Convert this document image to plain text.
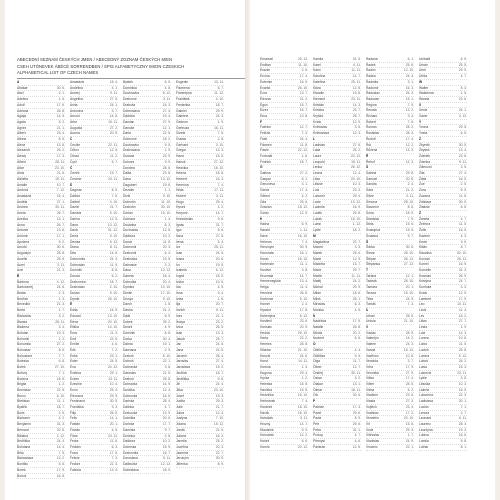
ABECEDNÍ SEZNAM ČESKÝCH JMEN / ABECEDNÝ ZOZNAM ČESKÝCH MIEN
CSEH UTÓNEVEK ÁBÉCÉ SORRENDBEN / SPIS ALFABETYCZNY IMION CZESKICH
ALPHABETICAL LIST OF CZECH NAMES
A
Abakør	30. 6.
Abel	2. 1.
Adelina	1. 6.
Adolf	17. 6.
Adriana	26. 8.
Aglaja	14. 5.
Agáta	5. 2.
Agnes	21. 1.
Albert	23. 4.
Albína	8. 5.
Alena	13. 8.
Alexandr	26. 2.
Alexej	17. 3.
Alfréd	28. 11.
Alice	23. 10.
Alois	21. 6.
Alžběta	19. 11.
Amálie	10. 7.
Ambrož	7. 12.
Anastázie	15. 4.
Anděla	27. 1.
Andrea	30. 11.
Aneta	26. 7.
Anežka	13. 1.
Anna	26. 7.
Antonie	13. 6.
Antonín	17. 1.
Apolena	9. 2.
Arnošt	30. 6.
Augustýn	28. 8.
Aurelie	25. 9.
Aurel	3. 11.
Axel	21. 3.
B
Barbora	4. 12.
Bartoloměj	24. 8.
Beáta	2. 3.
Bedřich	1. 3.
Benedikt	21. 3.
Berta	1. 7.
Blahoslav	3. 2.
Blanka	28. 11.
Blažena	3. 4.
Bohdan	19. 3.
Bohumil	1. 2.
Bohumila	27. 2.
Bohuslav	8. 6.
Bohuslava	7. 7.
Boleslav	6. 8.
Bořek	27. 10.
Bořivoj	7. 1.
Božena	18. 5.
Brigita	1. 2.
Bronislav	22. 6.
Bruno	6. 10.
Břetislav	11. 1.
Bystřík	18. 7.
Boris	2. 5.
Blahomír	4. 2.
Benjamín	31. 3.
Bernard	20. 8.
Bibiána	2. 12.
Bedřiška	24. 4.
Bohdana	14. 4.
Běla	7. 5.
Blahoslava	12. 2.
Bonifác	5. 6.
Borek	17. 9.
Bohuš	16. 8.
Anastázie	15. 4.
Andělina	4. 1.
Andrej	9. 11.
Angelika	27. 5.
Anita	24. 1.
Antonína	3. 7.
Arnold	14. 8.
Artur	15. 11.
Augusta	27. 2.
Aurora	20. 5.
C
Cecílie	22. 11.
Ctibor	12. 5.
Ctirad	11. 2.
Cyril	5. 7.
Č
Čeněk	19. 7.
Čestmír	24. 11.
D
Dagmar	8. 5.
Dalibor	7. 6.
Dalimil	4. 10.
Daniel	21. 7.
Daniela	5. 10.
Darina	12. 5.
Dana	13. 12.
David	31. 12.
Denis	9. 10.
Denisa	6. 12.
Diana	8. 11.
Dita	14. 6.
Dobromila	24. 3.
Dobroslav	11. 9.
Dominik	8. 8.
Dorota	6. 2.
Drahomíra	18. 7.
Drahoslav	2. 10.
Dušan	9. 10.
Dymitr	26. 10.
E
Edita	16. 9.
Eduard	13. 10.
Elena	20. 10.
Eliška	14. 10.
Ema	11. 3.
Emil	22. 5.
Emílie	4. 6.
Erik	7. 2.
Erika	23. 1.
Ester	24. 5.
Eva	24. 12.
Evelína	29. 1.
Evžen	13. 11.
Ezechiel	10. 4.
Ervín	25. 4.
Eleonora	29. 9.
Ferdinand	30. 5.
Františka	9. 3.
Filip	26. 5.
Felix	14. 1.
Fabián	20. 1.
Florián	4. 5.
Flóra	24. 11.
Fedor	11. 6.
Fridolín	6. 3.
Franc	17. 5.
Felicie	7. 3.
Fedora	22. 3.
Fabiola	13. 4.
Bystrik	5. 5.
Dominika	4. 8.
Doubravka	5. 12.
Drahomír	3. 11.
Drahuše	16. 3.
Dobroslava	27. 4.
Dalimila	19. 4.
Damián	27. 9.
Danuše	12. 1.
Daria	22. 6.
Dobromír	18. 2.
Doubravko	9. 5.
Drahoslava	1. 9.
Dušana	23. 9.
Dolores	9. 9.
Dorotea	28. 6.
Dalila	23. 8.
Dana	13. 12.
Dagobert	19. 6.
Dezider	1. 1.
Diviš	9. 10.
Dobrotín	11. 10.
Drahotín	30. 10.
Dorián	15. 10.
Dobrava	1. 4.
Dušanka	8. 3.
Duchoslav	12. 6.
Dalibora	10. 2.
Donát	11. 8.
Dobromil	20. 3.
Drahomil	6. 4.
Drahuška	19. 5.
Dalmacie	3. 3.
Dana	13. 12.
Daneta	18. 4.
Dobrotka	20. 4.
Dymitra	10. 10.
Dimitri	17. 10.
Dionýz	9. 10.
Damir	1. 8.
Dasha	21. 2.
Dalik	6. 9.
Dobek	25. 2.
Dušek	4. 9.
Dominik	8. 8.
Dorka	30. 4.
Dalma	19. 1.
Damiana	2. 9.
Drahoš	8. 10.
Dobroš	22. 1.
Dobranka	3. 6.
Daroslav	21. 5.
Drahoň	25. 8.
Dubravka	14. 9.
Dušička	12. 4.
Dobrunka	16. 6.
Darinka	28. 4.
Dalinka	4. 7.
Drahunka	13. 9.
Dobrilka	20. 6.
Dorinka	17. 7.
Damirka	9. 7.
Dušinka	2. 8.
Dalibora	10. 2.
Dobrinka	15. 9.
Drahomila	16. 7.
Doroslava	5. 11.
Dalibožka	12. 12.
Dobrislava	18. 9.
Eugenie	13. 11.
Filomena	5. 7.
Florentýna	11. 12.
František	4. 10.
Frederika	18. 7.
Gabriel	29. 9.
Gabriela	24. 3.
Gedeon	1. 9.
Gertruda	16. 11.
Gizela	7. 5.
Gustav	2. 8.
Gerhard	3. 10.
Gregor	12. 3.
Hana	15. 5.
Hanuš	27. 12.
Hedvika	16. 10.
Helena	18. 8.
Herbert	16. 3.
Hermína	7. 4.
Hilda	17. 11.
Hubert	3. 11.
Hugo	29. 4.
Hynek	1. 2.
Horymír	14. 7.
Hvězdoslav	9. 6.
Ignác	31. 7.
Igor	5. 6.
Ilona	27. 8.
Irena	5. 4.
Iva	25. 11.
Ivan	24. 6.
Ivana	20. 6.
Ivo	19. 5.
Izabela	6. 12.
Ingrid	18. 9.
Izidor	10. 5.
Ida	4. 9.
Irma	9. 4.
Iveta	1. 6.
Ilja	20. 7.
Imrich	5. 11.
Inéz	21. 1.
Ibolya	23. 2.
Ivica	26. 5.
Izák	13. 3.
Jakub	25. 7.
Jan	24. 6.
Jana	24. 5.
Jaromír	26. 4.
Jaroslav	27. 4.
Jaroslava	19. 2.
Jindřich	15. 7.
Jindřiška	9. 8.
Jiří	24. 4.
Jitka	23. 10.
Josef	19. 3.
Judita	29. 3.
Julie	21. 7.
Julius	12. 4.
Justýna	7. 10.
Jolana	15. 12.
Jonáš	21. 9.
Juliana	16. 2.
Jarmila	25. 2.
Jozefína	20. 3.
Jasmína	22. 7.
Jeroným	30. 9.
Jitřenka	8. 9.
Emanuel	25. 12.
Emilian	11. 10.
Erazim	2. 6.
Ervína	17. 4.
Eufemie	16. 9.
Evarist	26. 10.
Ezra	13. 7.
Eleonor	21. 2.
Egon	15. 7.
Elvíra	16. 7.
Erna	10. 8.
F
Fabrice	12. 7.
Felicita	7. 3.
Fidel	24. 4.
Filomén	11. 8.
Flavie	22. 12.
Fortunát	1. 6.
Fridrich	18. 7.
G
Gabina	27. 2.
Gaspar	6. 1.
Genoveva	3. 1.
Gerda	17. 4.
Gilbert	4. 2.
Gita	25. 6.
Gracián	18. 12.
Gvido	12. 9.
H
Halina	6. 9.
Harald	1. 11.
Havel	16. 10.
Heřman	7. 4.
Hieronym	30. 9.
Honorata	16. 1.
Horác	18. 10.
Hortenzie	11. 1.
Hostivít	3. 8.
Hroznata	14. 7.
Hermenegilda	13. 4.
Helga	11. 4.
Henrieta	26. 8.
Hortense	5. 10.
Homér	2. 4.
Hyacint	17. 8.
Hubertýna	8. 12.
Hostimil	23. 6.
Horislav	20. 9.
Hedda	29. 10.
Herta	22. 2.
Hermes	28. 8.
Hilarion	21. 10.
Honzík	24. 6.
Horst	14. 11.
Hortula	1. 3.
Hugona	29. 4.
Hynka	1. 2.
Helenka	18. 8.
Hanička	15. 5.
Hedvička	16. 10.
Heřmánek	7. 4.
Horáček	18. 10.
Havlík	16. 10.
Hubáček	3. 11.
Hrozný	14. 7.
Hlaváček	9. 9.
Holoubek	12. 2.
Hošek	6. 6.
Horník	20. 12.
Kamila	31. 5.
Karel	4. 11.
Karin	11. 11.
Karolína	14. 7.
Kateřina	25. 11.
Klára	12. 8.
Klaudie	19. 8.
Klement	23. 11.
Kristián	14. 3.
Kristina	23. 7.
Kryštof	25. 7.
Kvido	12. 9.
Květoslav	3. 5.
Květoslava	12. 3.
L
Ladislav	27. 6.
Lada	25. 2.
Laura	20. 12.
Leopold	15. 11.
Lenka	26. 12.
Leona	12. 4.
Libor	20. 10.
Libuše	10. 3.
Lída	23. 3.
Lubomír	29. 4.
Lucie	13. 12.
Ludmila	16. 9.
Luděk	29. 8.
Lukáš	18. 10.
Lumír	1. 12.
Lýdie	18. 2.
M
Magdaléna	22. 7.
Marcel	3. 3.
Marek	25. 4.
Marie	12. 9.
Markéta	13. 7.
Marta	29. 7.
Martin	11. 11.
Matěj	24. 2.
Michal	29. 9.
Milan	18. 6.
Miloš	25. 1.
Miroslav	6. 3.
Monika	4. 5.
N
Naděžda	17. 9.
Natálie	26. 8.
Nikola	20. 2.
Norbert	6. 6.
O
Oldřich	4. 4.
Oldřiška	9. 6.
Olga	11. 7.
Oliver	12. 7.
Ondřej	30. 11.
Oskar	3. 2.
Otakar	13. 1.
Otmar	16. 11.
Oto	30. 6.
P
Patricie	17. 3.
Pavel	29. 6.
Pavla	8. 9.
Petr	29. 6.
Petra	31. 1.
Prokop	4. 7.
Přemysl	4. 6.
Pankrác	12. 5.
Radana	6. 1.
Radek	25. 6.
Radim	12. 10.
Radka	24. 4.
Radmila	3. 1.
Radomír	16. 3.
Radoslav	26. 3.
Radovan	15. 1.
Regína	7. 9.
Renata	13. 2.
Richard	3. 4.
Robert	7. 6.
Roman	28. 2.
Rostislav	28. 3.
Rudolf	17. 4.
Rút	12. 2.
Růžena	13. 3.
Ř
Řehoř	12. 3.
S
Sabina	29. 8.
Samuel	20. 8.
Sandra	2. 4.
Sára	21. 2.
Silvie	3. 11.
Simona	28. 10.
Slavomír	8. 6.
Soňa	18. 9.
Stanislav	7. 5.
Stela	19. 6.
Svatopluk	15. 5.
Svatava	9. 7.
Š
Šárka	30. 6.
Šimon	28. 10.
Štěpán	26. 12.
Štěpánka	27. 12.
T
Taťána	12. 1.
Tadeáš	28. 10.
Tamara	20. 1.
Tereza	15. 10.
Tibor	24. 9.
Tomáš	7. 3.
U
Urban	25. 5.
Uršula	21. 10.
V
Václav	28. 9.
Valentýn	14. 2.
Valerie	24. 3.
Vanda	18. 12.
Vavřinec	10. 8.
Vendula	3. 7.
Věra	17. 9.
Veronika	27. 9.
Viktor	17. 4.
Vilém	28. 5.
Vilma	5. 2.
Vladimír	23. 5.
Vlasta	27. 3.
Vojtěch	23. 4.
Vratislav	17. 2.
Vendelín	20. 10.
Vít	15. 6.
Viola	29. 3.
Vítězslav	1. 7.
Vladislav	24. 9.
Vincenc	22. 1.
Unibald	6. 5.
Urbán	25. 5.
Uriel	29. 9.
Ulrika	4. 7.
W
Walter	8. 4.
Waldemar	1. 5.
Wanda	23. 6.
X
Xenie	24. 1.
Xaver	3. 12.
Y
Yvona	29. 5.
Yveta	6. 5.
Z
Zbyněk	30. 5.
Zbyšek	13. 4.
Zdeněk	23. 6.
Zdenka	9. 11.
Zikmund	2. 5.
Zita	27. 4.
Zlata	16. 5.
Zoe	2. 5.
Zora	5. 9.
Zuzana	11. 8.
Zdislava	30. 5.
Zlatuše	6. 8.
Ž
Žaneta	4. 7.
Želmíra	11. 5.
Žofie	15. 5.
Kazimír	4. 3.
Kevin	3. 6.
Kilián	8. 7.
Klaudius	30. 10.
Konrád	26. 11.
Kornel	16. 9.
Kornélie	31. 3.
Kosmas	26. 9.
Kristýna	24. 7.
Kunhuta	3. 3.
Kvido	12. 9.
Lambert	17. 9.
Leo	10. 11.
Leoš	11. 4.
Lev	18. 2.
Lilian	27. 7.
Linda	1. 9.
Lola	14. 3.
Lorenc	10. 8.
Lubor	11. 5.
Ludvík	25. 8.
Lumíra	5. 12.
Luboš	26. 2.
Luisa	15. 3.
Lukrecie	23. 11.
Lydie	3. 8.
Libuška	10. 3.
Lidmila	16. 9.
Lubomíra	22. 3.
Ladislava	30. 1.
Lucián	7. 1.
Lenora	2. 7.
Leonard	6. 11.
Laurenc	28. 4.
Leontýna	19. 3.
Lubica	16. 6.
Lumila	5. 8.
Lothar	8. 1.
